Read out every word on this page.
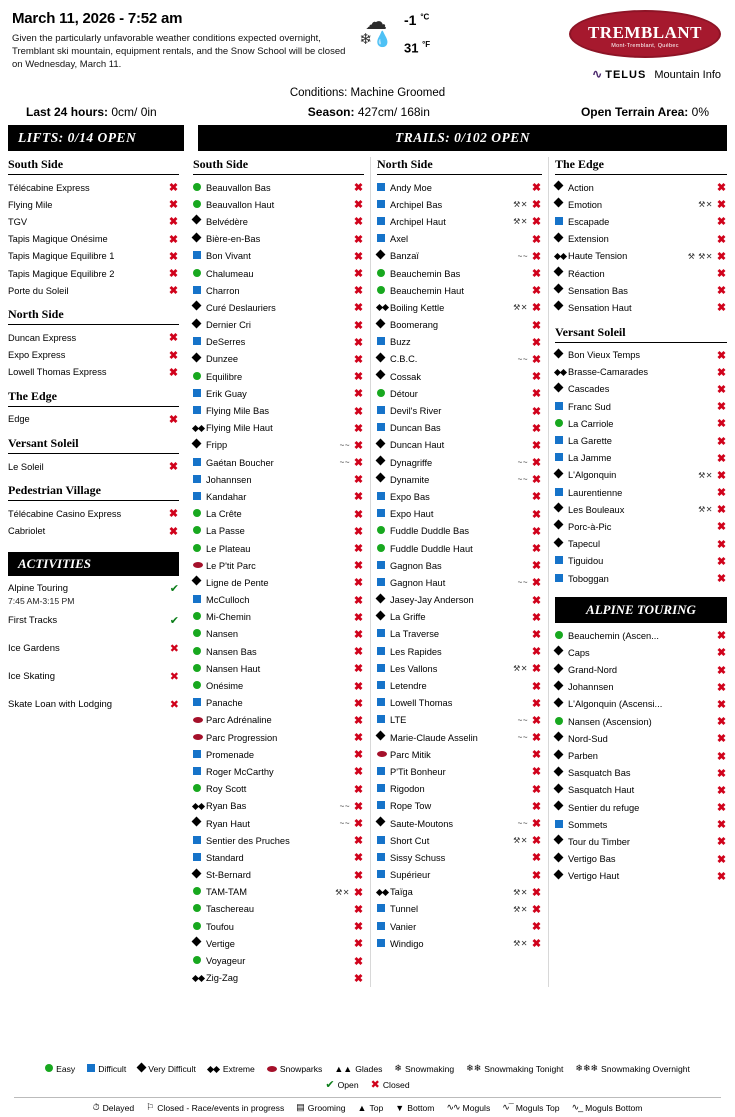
March 11, 2026 - 7:52 am
Given the particularly unfavorable weather conditions expected overnight, Tremblant ski mountain, equipment rentals, and the Snow School will be closed on Wednesday, March 11.
☁
❄💧
-1 $^{^\circ C}$
31 $^{^\circ F}$
TREMBLANT
Mont-Tremblant, Québec
∿ TELUS Mountain Info
Conditions: Machine Groomed
Last 24 hours: 0cm/ 0in	Season: 427cm/ 168in	Open Terrain Area: 0%
LIFTS: 0/14 OPEN	TRAILS: 0/102 OPEN
South Side
Télécabine Express	✖
Flying Mile	✖
TGV	✖
Tapis Magique Onésime	✖
Tapis Magique Equilibre 1	✖
Tapis Magique Equilibre 2	✖
Porte du Soleil	✖
North Side
Duncan Express	✖
Expo Express	✖
Lowell Thomas Express	✖
The Edge
Edge	✖
Versant Soleil
Le Soleil	✖
Pedestrian Village
Télécabine Casino Express	✖
Cabriolet	✖
ACTIVITIES
Alpine Touring	✔
7:45 AM-3:15 PM
First Tracks	✔
Ice Gardens	✖
Ice Skating	✖
Skate Loan with Lodging	✖
South Side
Beauvallon Bas	✖
Beauvallon Haut	✖
Belvédère	✖
Bière-en-Bas	✖
Bon Vivant	✖
Chalumeau	✖
Charron	✖
Curé Deslauriers	✖
Dernier Cri	✖
DeSerres	✖
Dunzee	✖
Equilibre	✖
Erik Guay	✖
Flying Mile Bas	✖
Flying Mile Haut	✖
Fripp	~~ ✖
Gaétan Boucher	~~ ✖
Johannsen	✖
Kandahar	✖
La Crête	✖
La Passe	✖
Le Plateau	✖
Le P'tit Parc	✖
Ligne de Pente	✖
McCulloch	✖
Mi-Chemin	✖
Nansen	✖
Nansen Bas	✖
Nansen Haut	✖
Onésime	✖
Panache	✖
Parc Adrénaline	✖
Parc Progression	✖
Promenade	✖
Roger McCarthy	✖
Roy Scott	✖
Ryan Bas	~~ ✖
Ryan Haut	~~ ✖
Sentier des Pruches	✖
Standard	✖
St-Bernard	✖
TAM-TAM	⚒✕ ✖
Taschereau	✖
Toufou	✖
Vertige	✖
Voyageur	✖
Zig-Zag	✖
North Side
Andy Moe	✖
Archipel Bas	⚒✕ ✖
Archipel Haut	⚒✕ ✖
Axel	✖
Banzaï	~~ ✖
Beauchemin Bas	✖
Beauchemin Haut	✖
Boiling Kettle	⚒✕ ✖
Boomerang	✖
Buzz	✖
C.B.C.	~~ ✖
Cossak	✖
Détour	✖
Devil's River	✖
Duncan Bas	✖
Duncan Haut	✖
Dynagriffe	~~ ✖
Dynamite	~~ ✖
Expo Bas	✖
Expo Haut	✖
Fuddle Duddle Bas	✖
Fuddle Duddle Haut	✖
Gagnon Bas	✖
Gagnon Haut	~~ ✖
Jasey-Jay Anderson	✖
La Griffe	✖
La Traverse	✖
Les Rapides	✖
Les Vallons	⚒✕ ✖
Letendre	✖
Lowell Thomas	✖
LTE	~~ ✖
Marie-Claude Asselin	~~ ✖
Parc Mitik	✖
P'Tit Bonheur	✖
Rigodon	✖
Rope Tow	✖
Saute-Moutons	~~ ✖
Short Cut	⚒✕ ✖
Sissy Schuss	✖
Supérieur	✖
Taïga	⚒✕ ✖
Tunnel	⚒✕ ✖
Vanier	✖
Windigo	⚒✕ ✖
The Edge
Action	✖
Emotion	⚒✕ ✖
Escapade	✖
Extension	✖
Haute Tension	⚒ ⚒✕ ✖
Réaction	✖
Sensation Bas	✖
Sensation Haut	✖
Versant Soleil
Bon Vieux Temps	✖
Brasse-Camarades	✖
Cascades	✖
Franc Sud	✖
La Carriole	✖
La Garette	✖
La Jamme	✖
L'Algonquin	⚒✕ ✖
Laurentienne	✖
Les Bouleaux	⚒✕ ✖
Porc-à-Pic	✖
Tapecul	✖
Tiguidou	✖
Toboggan	✖
ALPINE TOURING
Beauchemin (Ascen...	✖
Caps	✖
Grand-Nord	✖
Johannsen	✖
L'Algonquin (Ascensi...	✖
Nansen (Ascension)	✖
Nord-Sud	✖
Parben	✖
Sasquatch Bas	✖
Sasquatch Haut	✖
Sentier du refuge	✖
Sommets	✖
Tour du Timber	✖
Vertigo Bas	✖
Vertigo Haut	✖
Easy	Difficult	Very Difficult	Extreme	Snowparks ▲▲ Glades ❄ Snowmaking ❄❄ Snowmaking Tonight ❄❄❄ Snowmaking Overnight
✔ Open ✖ Closed
⏱ Delayed ⚐ Closed - Race/events in progress ▤ Grooming ▲ Top ▼ Bottom ∿∿ Moguls ∿¯ Moguls Top ∿_ Moguls Bottom
